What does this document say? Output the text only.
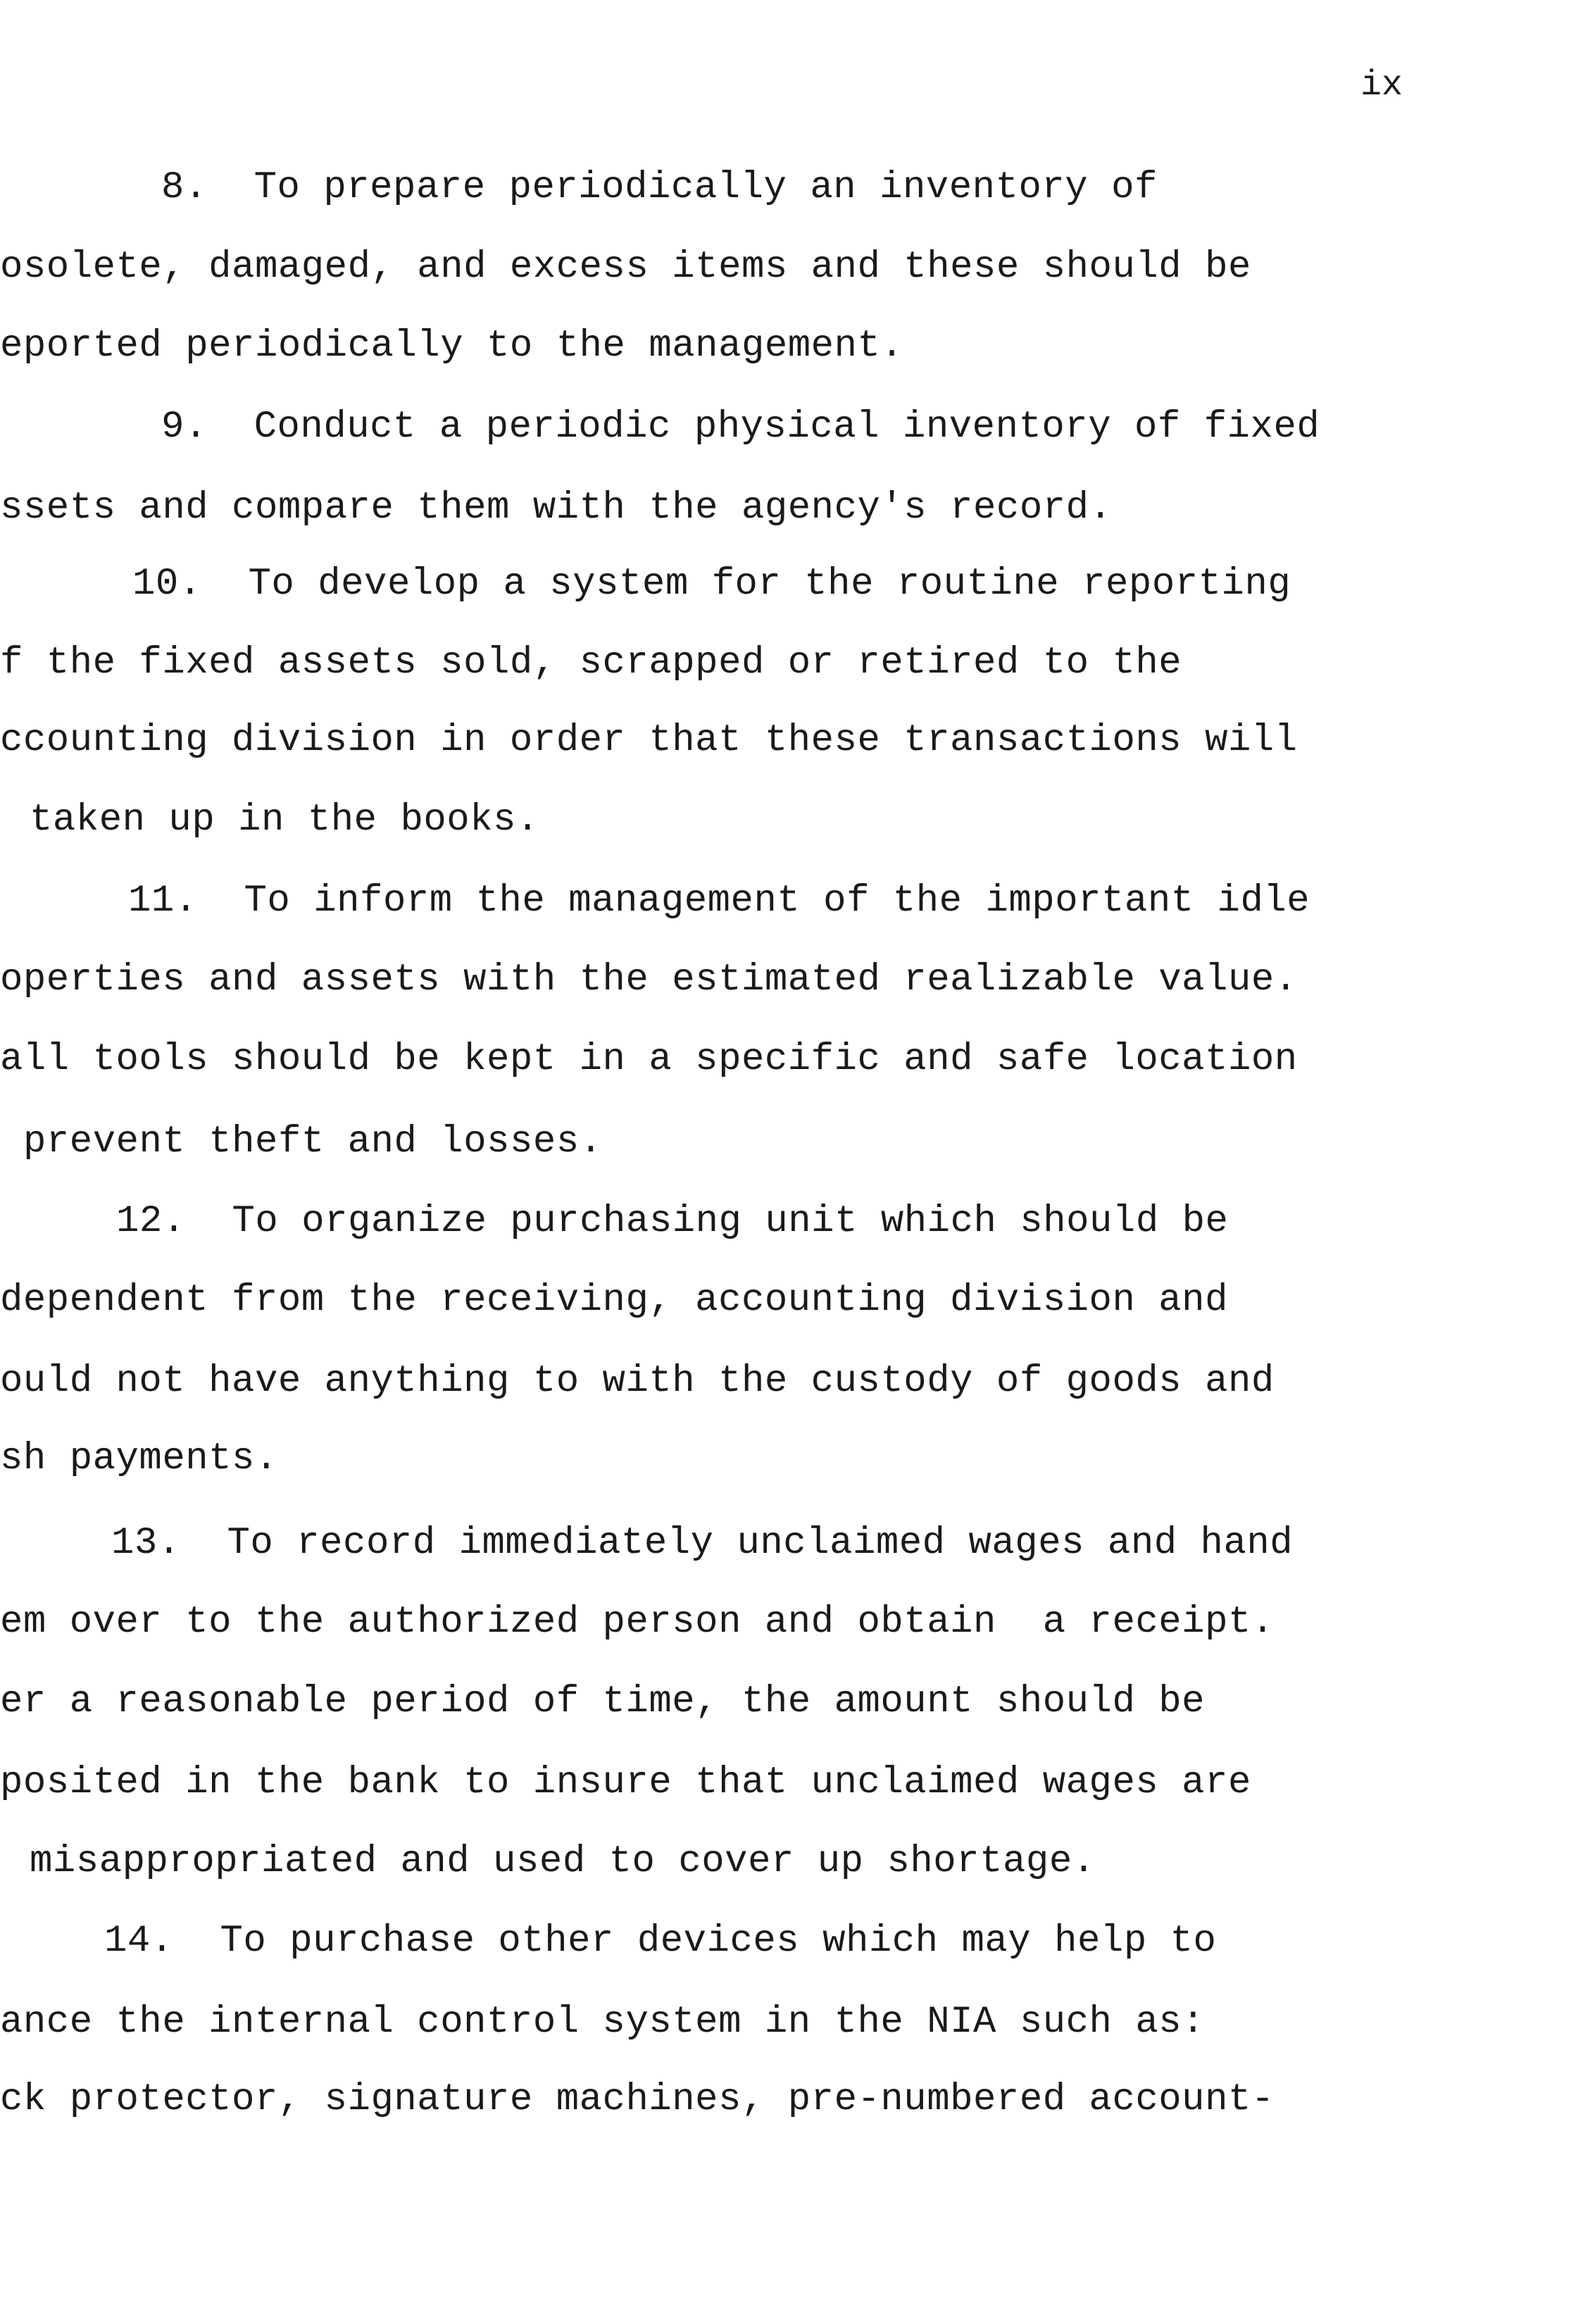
ix
8.  To prepare periodically an inventory of
osolete, damaged, and excess items and these should be
eported periodically to the management.
9.  Conduct a periodic physical inventory of fixed
ssets and compare them with the agency's record.
10.  To develop a system for the routine reporting
f the fixed assets sold, scrapped or retired to the
ccounting division in order that these transactions will
taken up in the books.
11.  To inform the management of the important idle
operties and assets with the estimated realizable value.
all tools should be kept in a specific and safe location
prevent theft and losses.
12.  To organize purchasing unit which should be
dependent from the receiving, accounting division and
ould not have anything to with the custody of goods and
sh payments.
13.  To record immediately unclaimed wages and hand
em over to the authorized person and obtain  a receipt.
er a reasonable period of time, the amount should be
posited in the bank to insure that unclaimed wages are
misappropriated and used to cover up shortage.
14.  To purchase other devices which may help to
ance the internal control system in the NIA such as:
ck protector, signature machines, pre-numbered account-
